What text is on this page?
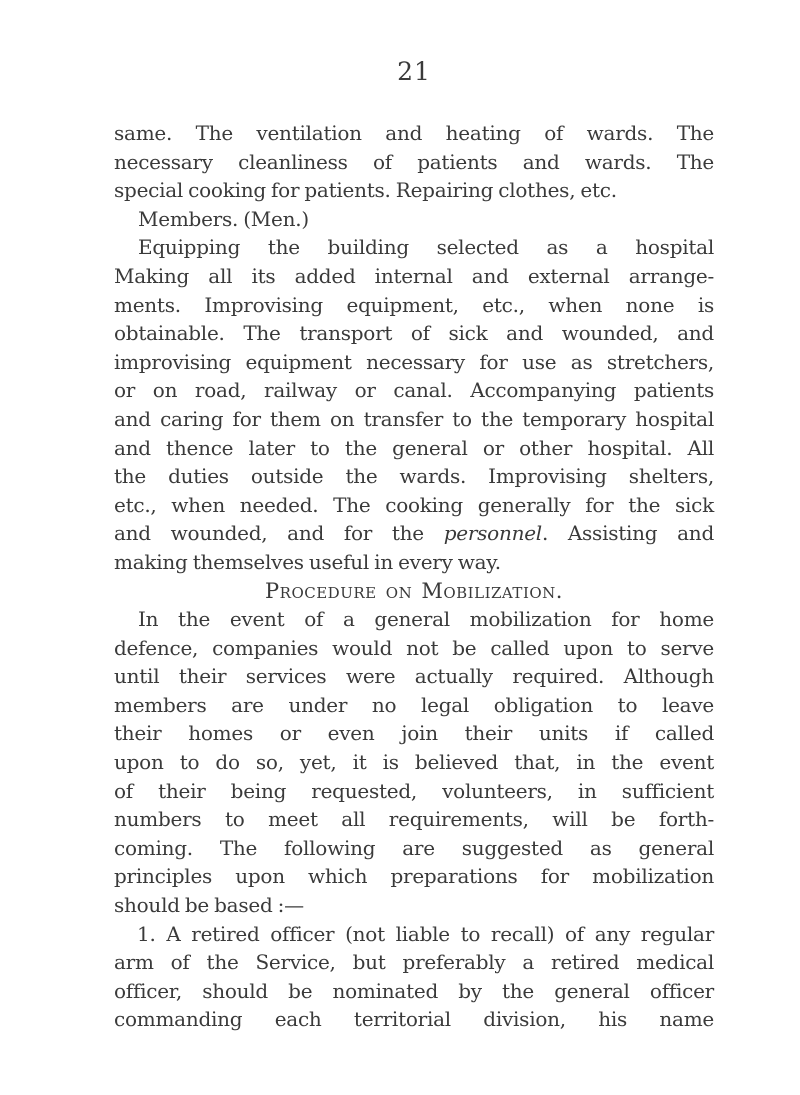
21
same. The ventilation and heating of wards. The
necessary cleanliness of patients and wards. The
special cooking for patients. Repairing clothes, etc.
Members. (Men.)
Equipping the building selected as a hospital
Making all its added internal and external arrange-
ments. Improvising equipment, etc., when none is
obtainable. The transport of sick and wounded, and
improvising equipment necessary for use as stretchers,
or on road, railway or canal. Accompanying patients
and caring for them on transfer to the temporary hospital
and thence later to the general or other hospital. All
the duties outside the wards. Improvising shelters,
etc., when needed. The cooking generally for the sick
and wounded, and for the personnel. Assisting and
making themselves useful in every way.
Procedure on Mobilization.
In the event of a general mobilization for home
defence, companies would not be called upon to serve
until their services were actually required. Although
members are under no legal obligation to leave
their homes or even join their units if called
upon to do so, yet, it is believed that, in the event
of their being requested, volunteers, in sufficient
numbers to meet all requirements, will be forth-
coming. The following are suggested as general
principles upon which preparations for mobilization
should be based :—
1. A retired officer (not liable to recall) of any regular
arm of the Service, but preferably a retired medical
officer, should be nominated by the general officer
commanding each territorial division, his name
